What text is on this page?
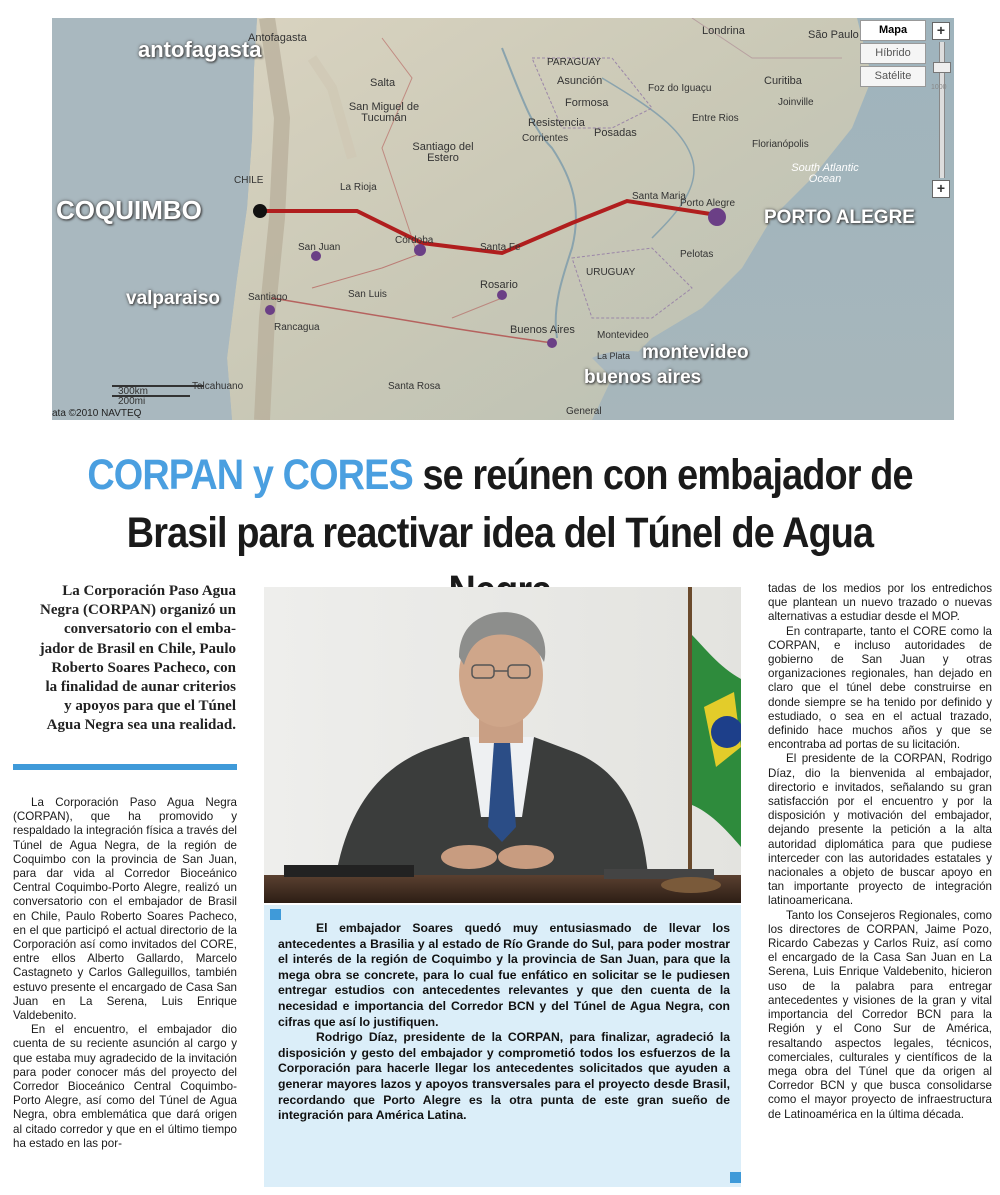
antofagasta
COQUIMBO	PORTO ALEGRE
valparaiso
montevideo
buenos aires
Antofagasta
Londrina	São Paulo
PARAGUAY
Asunción	Curitiba
Salta
Formosa
Foz do Iguaçu
Joinville
San Miguel de Tucumán	Resistencia	Entre Rios
Santiago del Estero
Corrientes Posadas
Florianópolis
South Atlantic Ocean
CHILE
La Rioja
Santa Maria
Porto Alegre
San Juan
Córdoba
Santa Fe
Pelotas
URUGUAY
Santiago	San Luis
Rosario
Rancagua	Buenos Aires Montevideo
Talcahuano	Santa Rosa
General
La Plata
300km
200mi
ata ©2010 NAVTEQ
Mapa
Híbrido
Satélite
+
1000
+
CORPAN y CORES se reúnen con embajador de
Brasil para reactivar idea del Túnel de Agua
La Corporación Paso Agua
Negra (CORPAN) organizó un
conversatorio con el emba-
jador de Brasil en Chile, Paulo
Roberto Soares Pacheco, con
la finalidad de aunar criterios
y apoyos para que el Túnel
Agua Negra sea una realidad.

La Corporación Paso Agua Negra (CORPAN), que ha promovido y respaldado la integración física a través del Túnel de Agua Negra, de la región de Coquimbo con la provincia de San Juan, para dar vida al Corredor Bioceánico Central Coquimbo-Porto Alegre, realizó un conversatorio con el embajador de Brasil en Chile, Paulo Roberto Soares Pacheco, en el que participó el actual directorio de la Corporación así como invitados del CORE, entre ellos Alberto Gallardo, Marcelo Castagneto y Carlos Galleguillos, también estuvo presente el encargado de Casa San Juan en La Serena, Luis Enrique Valdebenito.

En el encuentro, el embajador dio cuenta de su reciente asunción al cargo y que estaba muy agradecido de la invitación para poder conocer más del proyecto del Corredor Bioceánico Central Coquimbo-Porto Alegre, así como del Túnel de Agua Negra, obra emblemática que dará origen al citado corredor y que en el último tiempo ha estado en las por-

El embajador Soares quedó muy entusiasmado de llevar los antecedentes a Brasilia y al estado de Río Grande do Sul, para poder mostrar el interés de la región de Coquimbo y la provincia de San Juan, para que la mega obra se concrete, para lo cual fue enfático en solicitar se le pudiesen entregar estudios con antecedentes relevantes y que den cuenta de la necesidad e importancia del Corredor BCN y del Túnel de Agua Negra, con cifras que así lo justifiquen.

Rodrigo Díaz, presidente de la CORPAN, para finalizar, agradeció la disposición y gesto del embajador y comprometió todos los esfuerzos de la Corporación para hacerle llegar los antecedentes solicitados que ayuden a generar mayores lazos y apoyos transversales para el proyecto desde Brasil, recordando que Porto Alegre es la otra punta de este gran sueño de integración para América Latina.

tadas de los medios por los entredichos que plantean un nuevo trazado o nuevas alternativas a estudiar desde el MOP.

En contraparte, tanto el CORE como la CORPAN, e incluso autoridades de gobierno de San Juan y otras organizaciones regionales, han dejado en claro que el túnel debe construirse en donde siempre se ha tenido por definido y estudiado, o sea en el actual trazado, definido hace muchos años y que se encontraba ad portas de su licitación.

El presidente de la CORPAN, Rodrigo Díaz, dio la bienvenida al embajador, directorio e invitados, señalando su gran satisfacción por el encuentro y por la disposición y motivación del embajador, dejando presente la petición a la alta autoridad diplomática para que pudiese interceder con las autoridades estatales y nacionales a objeto de buscar apoyo en tan importante proyecto de integración latinoamericana.

Tanto los Consejeros Regionales, como los directores de CORPAN, Jaime Pozo, Ricardo Cabezas y Carlos Ruiz, así como el encargado de la Casa San Juan en La Serena, Luis Enrique Valdebenito, hicieron uso de la palabra para entregar antecedentes y visiones de la gran y vital importancia del Corredor BCN para la Región y el Cono Sur de América, resaltando aspectos legales, técnicos, comerciales, culturales y científicos de la mega obra del Túnel que da origen al Corredor BCN y que busca consolidarse como el mayor proyecto de infraestructura de Latinoamérica en la última década.
